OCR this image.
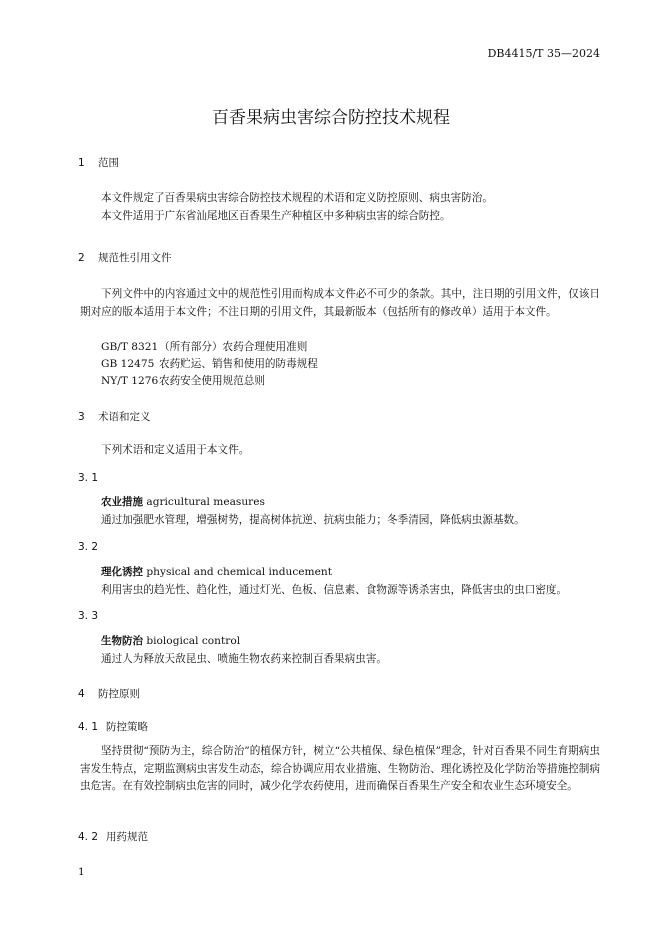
DB4415/T 35—2024
百香果病虫害综合防控技术规程
1 范围

本文件规定了百香果病虫害综合防控技术规程的术语和定义防控原则、病虫害防治。

本文件适用于广东省汕尾地区百香果生产种植区中多种病虫害的综合防控。

2 规范性引用文件

下列文件中的内容通过文中的规范性引用而构成本文件必不可少的条款。其中，注日期的引用文件，仅该日期对应的版本适用于本文件；不注日期的引用文件，其最新版本（包括所有的修改单）适用于本文件。

GB/T 8321（所有部分）农药合理使用准则
GB 12475 农药贮运、销售和使用的防毒规程
NY/T 1276农药安全使用规范总则
3 术语和定义

下列术语和定义适用于本文件。

3. 1
农业措施 agricultural measures
通过加强肥水管理，增强树势，提高树体抗逆、抗病虫能力；冬季清园，降低病虫源基数。
3. 2
理化诱控 physical and chemical inducement
利用害虫的趋光性、趋化性，通过灯光、色板、信息素、食物源等诱杀害虫，降低害虫的虫口密度。
3. 3
生物防治 biological control
通过人为释放天敌昆虫、喷施生物农药来控制百香果病虫害。
4 防控原则
4. 1 防控策略

坚持贯彻“预防为主，综合防治”的植保方针，树立“公共植保、绿色植保”理念，针对百香果不同生育期病虫害发生特点，定期监测病虫害发生动态，综合协调应用农业措施、生物防治、理化诱控及化学防治等措施控制病虫危害。在有效控制病虫危害的同时，减少化学农药使用，进而确保百香果生产安全和农业生态环境安全。

4. 2 用药规范
1
